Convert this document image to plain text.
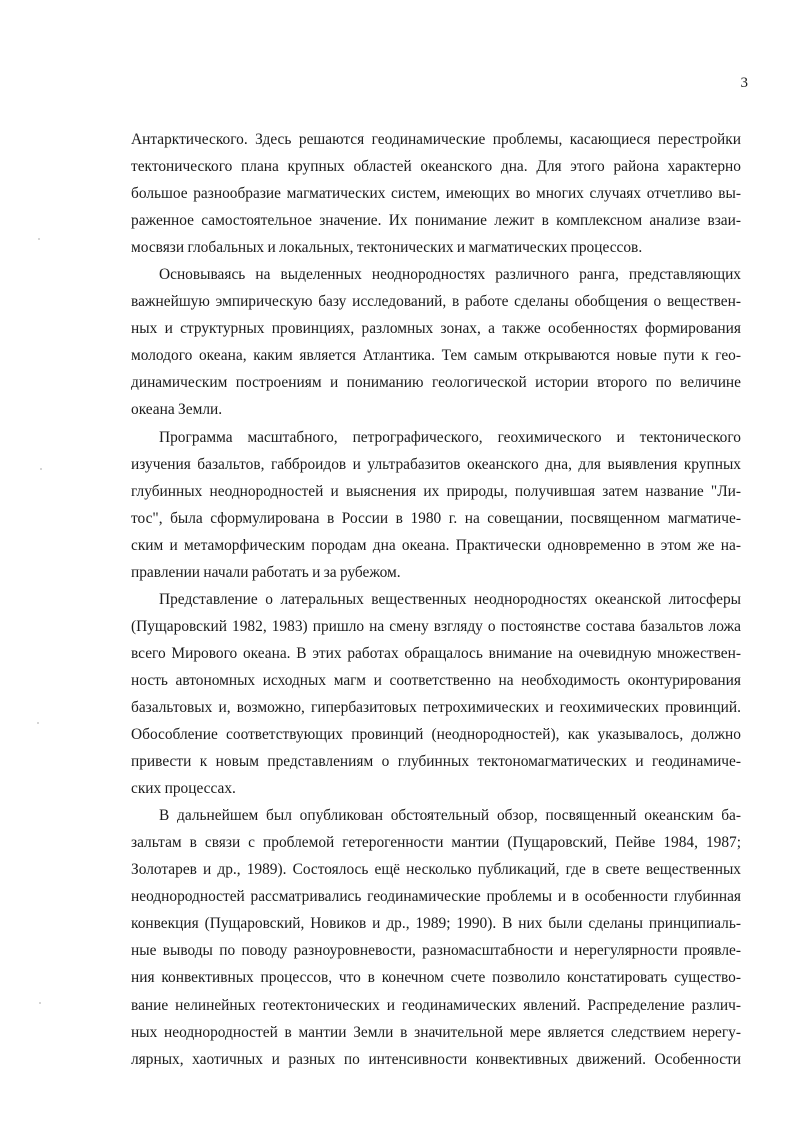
3

Антарктического. Здесь решаются геодинамические проблемы, касающиеся перестройки

тектонического плана крупных областей океанского дна. Для этого района характерно

большое разнообразие магматических систем, имеющих во многих случаях отчетливо вы-

раженное самостоятельное значение. Их понимание лежит в комплексном анализе взаи-

мосвязи глобальных и локальных, тектонических и магматических процессов.

Основываясь на выделенных неоднородностях различного ранга, представляющих

важнейшую эмпирическую базу исследований, в работе сделаны обобщения о веществен-

ных и структурных провинциях, разломных зонах, а также особенностях формирования

молодого океана, каким является Атлантика. Тем самым открываются новые пути к гео-

динамическим построениям и пониманию геологической истории второго по величине

океана Земли.

Программа масштабного, петрографического, геохимического и тектонического

изучения базальтов, габброидов и ультрабазитов океанского дна, для выявления крупных

глубинных неоднородностей и выяснения их природы, получившая затем название "Ли-

тос", была сформулирована в России в 1980 г. на совещании, посвященном магматиче-

ским и метаморфическим породам дна океана. Практически одновременно в этом же на-

правлении начали работать и за рубежом.

Представление о латеральных вещественных неоднородностях океанской литосферы

(Пущаровский 1982, 1983) пришло на смену взгляду о постоянстве состава базальтов ложа

всего Мирового океана. В этих работах обращалось внимание на очевидную множествен-

ность автономных исходных магм и соответственно на необходимость оконтурирования

базальтовых и, возможно, гипербазитовых петрохимических и геохимических провинций.

Обособление соответствующих провинций (неоднородностей), как указывалось, должно

привести к новым представлениям о глубинных тектономагматических и геодинамиче-

ских процессах.

В дальнейшем был опубликован обстоятельный обзор, посвященный океанским ба-

зальтам в связи с проблемой гетерогенности мантии (Пущаровский, Пейве 1984, 1987;

Золотарев и др., 1989). Состоялось ещё несколько публикаций, где в свете вещественных

неоднородностей рассматривались геодинамические проблемы и в особенности глубинная

конвекция (Пущаровский, Новиков и др., 1989; 1990). В них были сделаны принципиаль-

ные выводы по поводу разноуровневости, разномасштабности и нерегулярности проявле-

ния конвективных процессов, что в конечном счете позволило констатировать существо-

вание нелинейных геотектонических и геодинамических явлений. Распределение различ-

ных неоднородностей в мантии Земли в значительной мере является следствием нерегу-

лярных, хаотичных и разных по интенсивности конвективных движений. Особенности
